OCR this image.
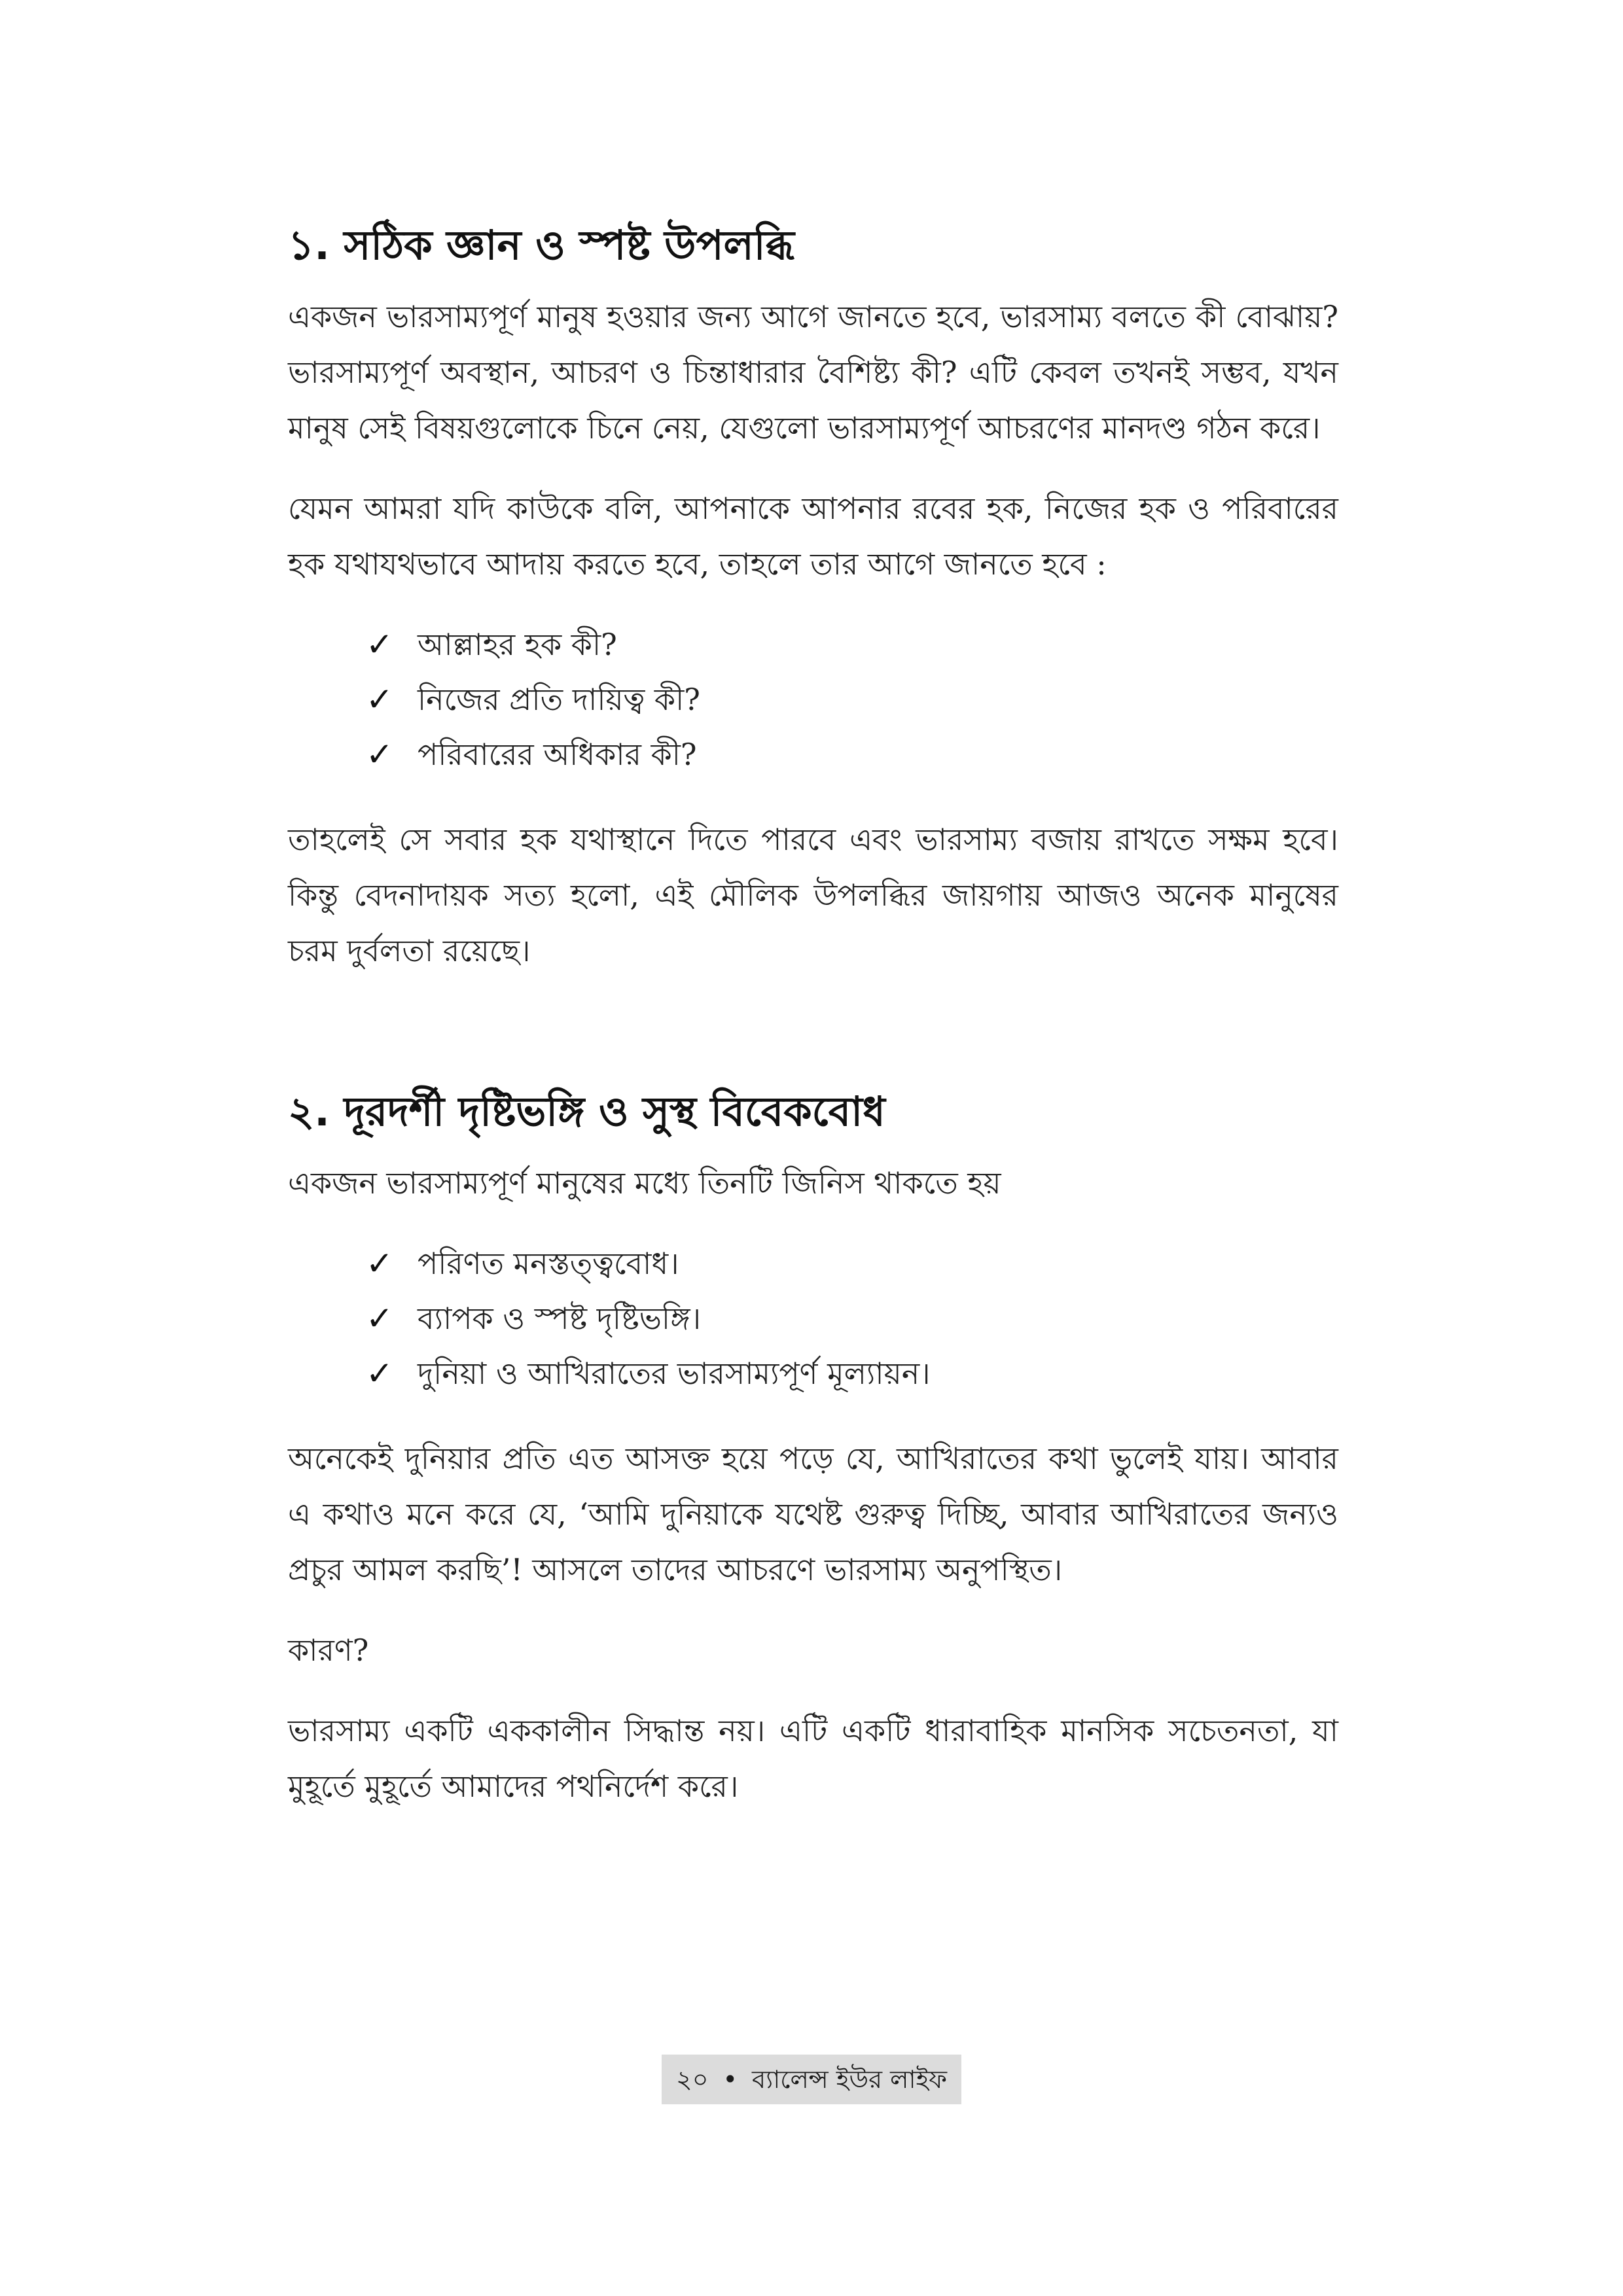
১. সঠিক জ্ঞান ও স্পষ্ট উপলব্ধি

একজন ভারসাম্যপূর্ণ মানুষ হওয়ার জন্য আগে জানতে হবে, ভারসাম্য বলতে কী বোঝায়? ভারসাম্যপূর্ণ অবস্থান, আচরণ ও চিন্তাধারার বৈশিষ্ট্য কী? এটি কেবল তখনই সম্ভব, যখন মানুষ সেই বিষয়গুলোকে চিনে নেয়, যেগুলো ভারসাম্যপূর্ণ আচরণের মানদণ্ড গঠন করে।

যেমন আমরা যদি কাউকে বলি, আপনাকে আপনার রবের হক, নিজের হক ও পরিবারের হক যথাযথভাবে আদায় করতে হবে, তাহলে তার আগে জানতে হবে :

✓ আল্লাহর হক কী?
✓ নিজের প্রতি দায়িত্ব কী?
✓ পরিবারের অধিকার কী?

তাহলেই সে সবার হক যথাস্থানে দিতে পারবে এবং ভারসাম্য বজায় রাখতে সক্ষম হবে। কিন্তু বেদনাদায়ক সত্য হলো, এই মৌলিক উপলব্ধির জায়গায় আজও অনেক মানুষের চরম দুর্বলতা রয়েছে।

২. দূরদর্শী দৃষ্টিভঙ্গি ও সুস্থ বিবেকবোধ

একজন ভারসাম্যপূর্ণ মানুষের মধ্যে তিনটি জিনিস থাকতে হয়

✓ পরিণত মনস্তত্ত্ববোধ।
✓ ব্যাপক ও স্পষ্ট দৃষ্টিভঙ্গি।
✓ দুনিয়া ও আখিরাতের ভারসাম্যপূর্ণ মূল্যায়ন।

অনেকেই দুনিয়ার প্রতি এত আসক্ত হয়ে পড়ে যে, আখিরাতের কথা ভুলেই যায়। আবার এ কথাও মনে করে যে, ‘আমি দুনিয়াকে যথেষ্ট গুরুত্ব দিচ্ছি, আবার আখিরাতের জন্যও প্রচুর আমল করছি’! আসলে তাদের আচরণে ভারসাম্য অনুপস্থিত।

কারণ?

ভারসাম্য একটি এককালীন সিদ্ধান্ত নয়। এটি একটি ধারাবাহিক মানসিক সচেতনতা, যা মুহূর্তে মুহূর্তে আমাদের পথনির্দেশ করে।

২০ • ব্যালেন্স ইউর লাইফ
